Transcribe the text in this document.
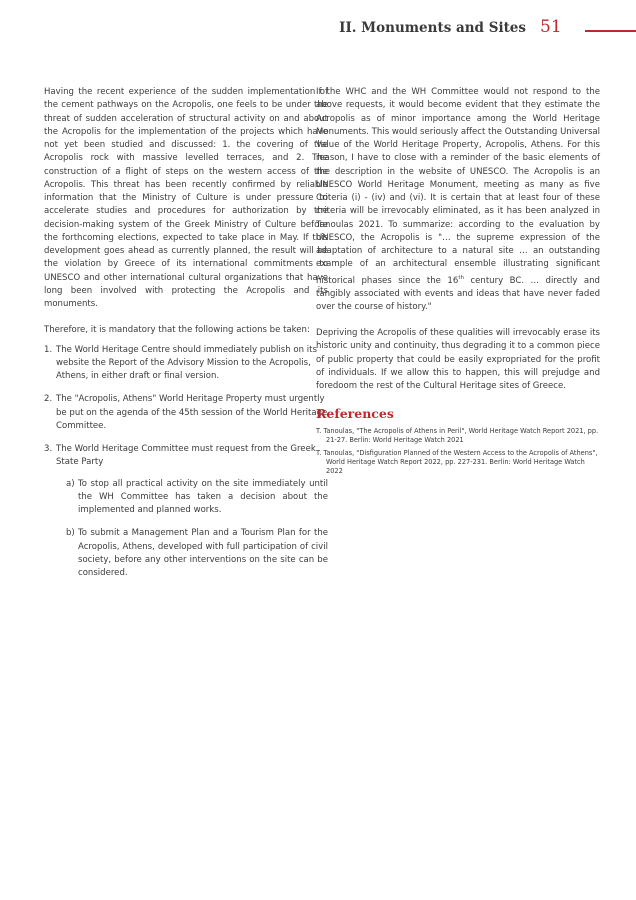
II. Monuments and Sites 51

Having the recent experience of the sudden implementation of the cement pathways on the Acropolis, one feels to be under the threat of sudden acceleration of structural activity on and about the Acropolis for the implementation of the projects which have not yet been studied and discussed: 1. the covering of the Acropolis rock with massive levelled terraces, and 2. The construction of a flight of steps on the western access of the Acropolis. This threat has been recently confirmed by reliable information that the Ministry of Culture is under pressure to accelerate studies and procedures for authorization by the decision-making system of the Greek Ministry of Culture before the forthcoming elections, expected to take place in May. If this development goes ahead as currently planned, the result will be the violation by Greece of its international commitments to UNESCO and other international cultural organizations that have long been involved with protecting the Acropolis and its monuments.

Therefore, it is mandatory that the following actions be taken:

1. The World Heritage Centre should immediately publish on its website the Report of the Advisory Mission to the Acropolis, Athens, in either draft or final version.
2. The "Acropolis, Athens" World Heritage Property must urgently be put on the agenda of the 45th session of the World Heritage Committee.
3. The World Heritage Committee must request from the Greek State Party
a) To stop all practical activity on the site immediately until the WH Committee has taken a decision about the implemented and planned works.
b) To submit a Management Plan and a Tourism Plan for the Acropolis, Athens, developed with full participation of civil society, before any other interventions on the site can be considered.

If the WHC and the WH Committee would not respond to the above requests, it would become evident that they estimate the Acropolis as of minor importance among the World Heritage Monuments. This would seriously affect the Outstanding Universal Value of the World Heritage Property, Acropolis, Athens. For this reason, I have to close with a reminder of the basic elements of the description in the website of UNESCO. The Acropolis is an UNESCO World Heritage Monument, meeting as many as five Criteria (i) - (iv) and (vi). It is certain that at least four of these criteria will be irrevocably eliminated, as it has been analyzed in Tanoulas 2021. To summarize: according to the evaluation by UNESCO, the Acropolis is "… the supreme expression of the adaptation of architecture to a natural site … an outstanding example of an architectural ensemble illustrating significant historical phases since the 16th century BC. … directly and tangibly associated with events and ideas that have never faded over the course of history."

Depriving the Acropolis of these qualities will irrevocably erase its historic unity and continuity, thus degrading it to a common piece of public property that could be easily expropriated for the profit of individuals. If we allow this to happen, this will prejudge and foredoom the rest of the Cultural Heritage sites of Greece.

References
T. Tanoulas, "The Acropolis of Athens in Peril", World Heritage Watch Report 2021, pp. 21-27. Berlin: World Heritage Watch 2021
T. Tanoulas, "Disfiguration Planned of the Western Access to the Acropolis of Athens", World Heritage Watch Report 2022, pp. 227-231. Berlin: World Heritage Watch 2022
